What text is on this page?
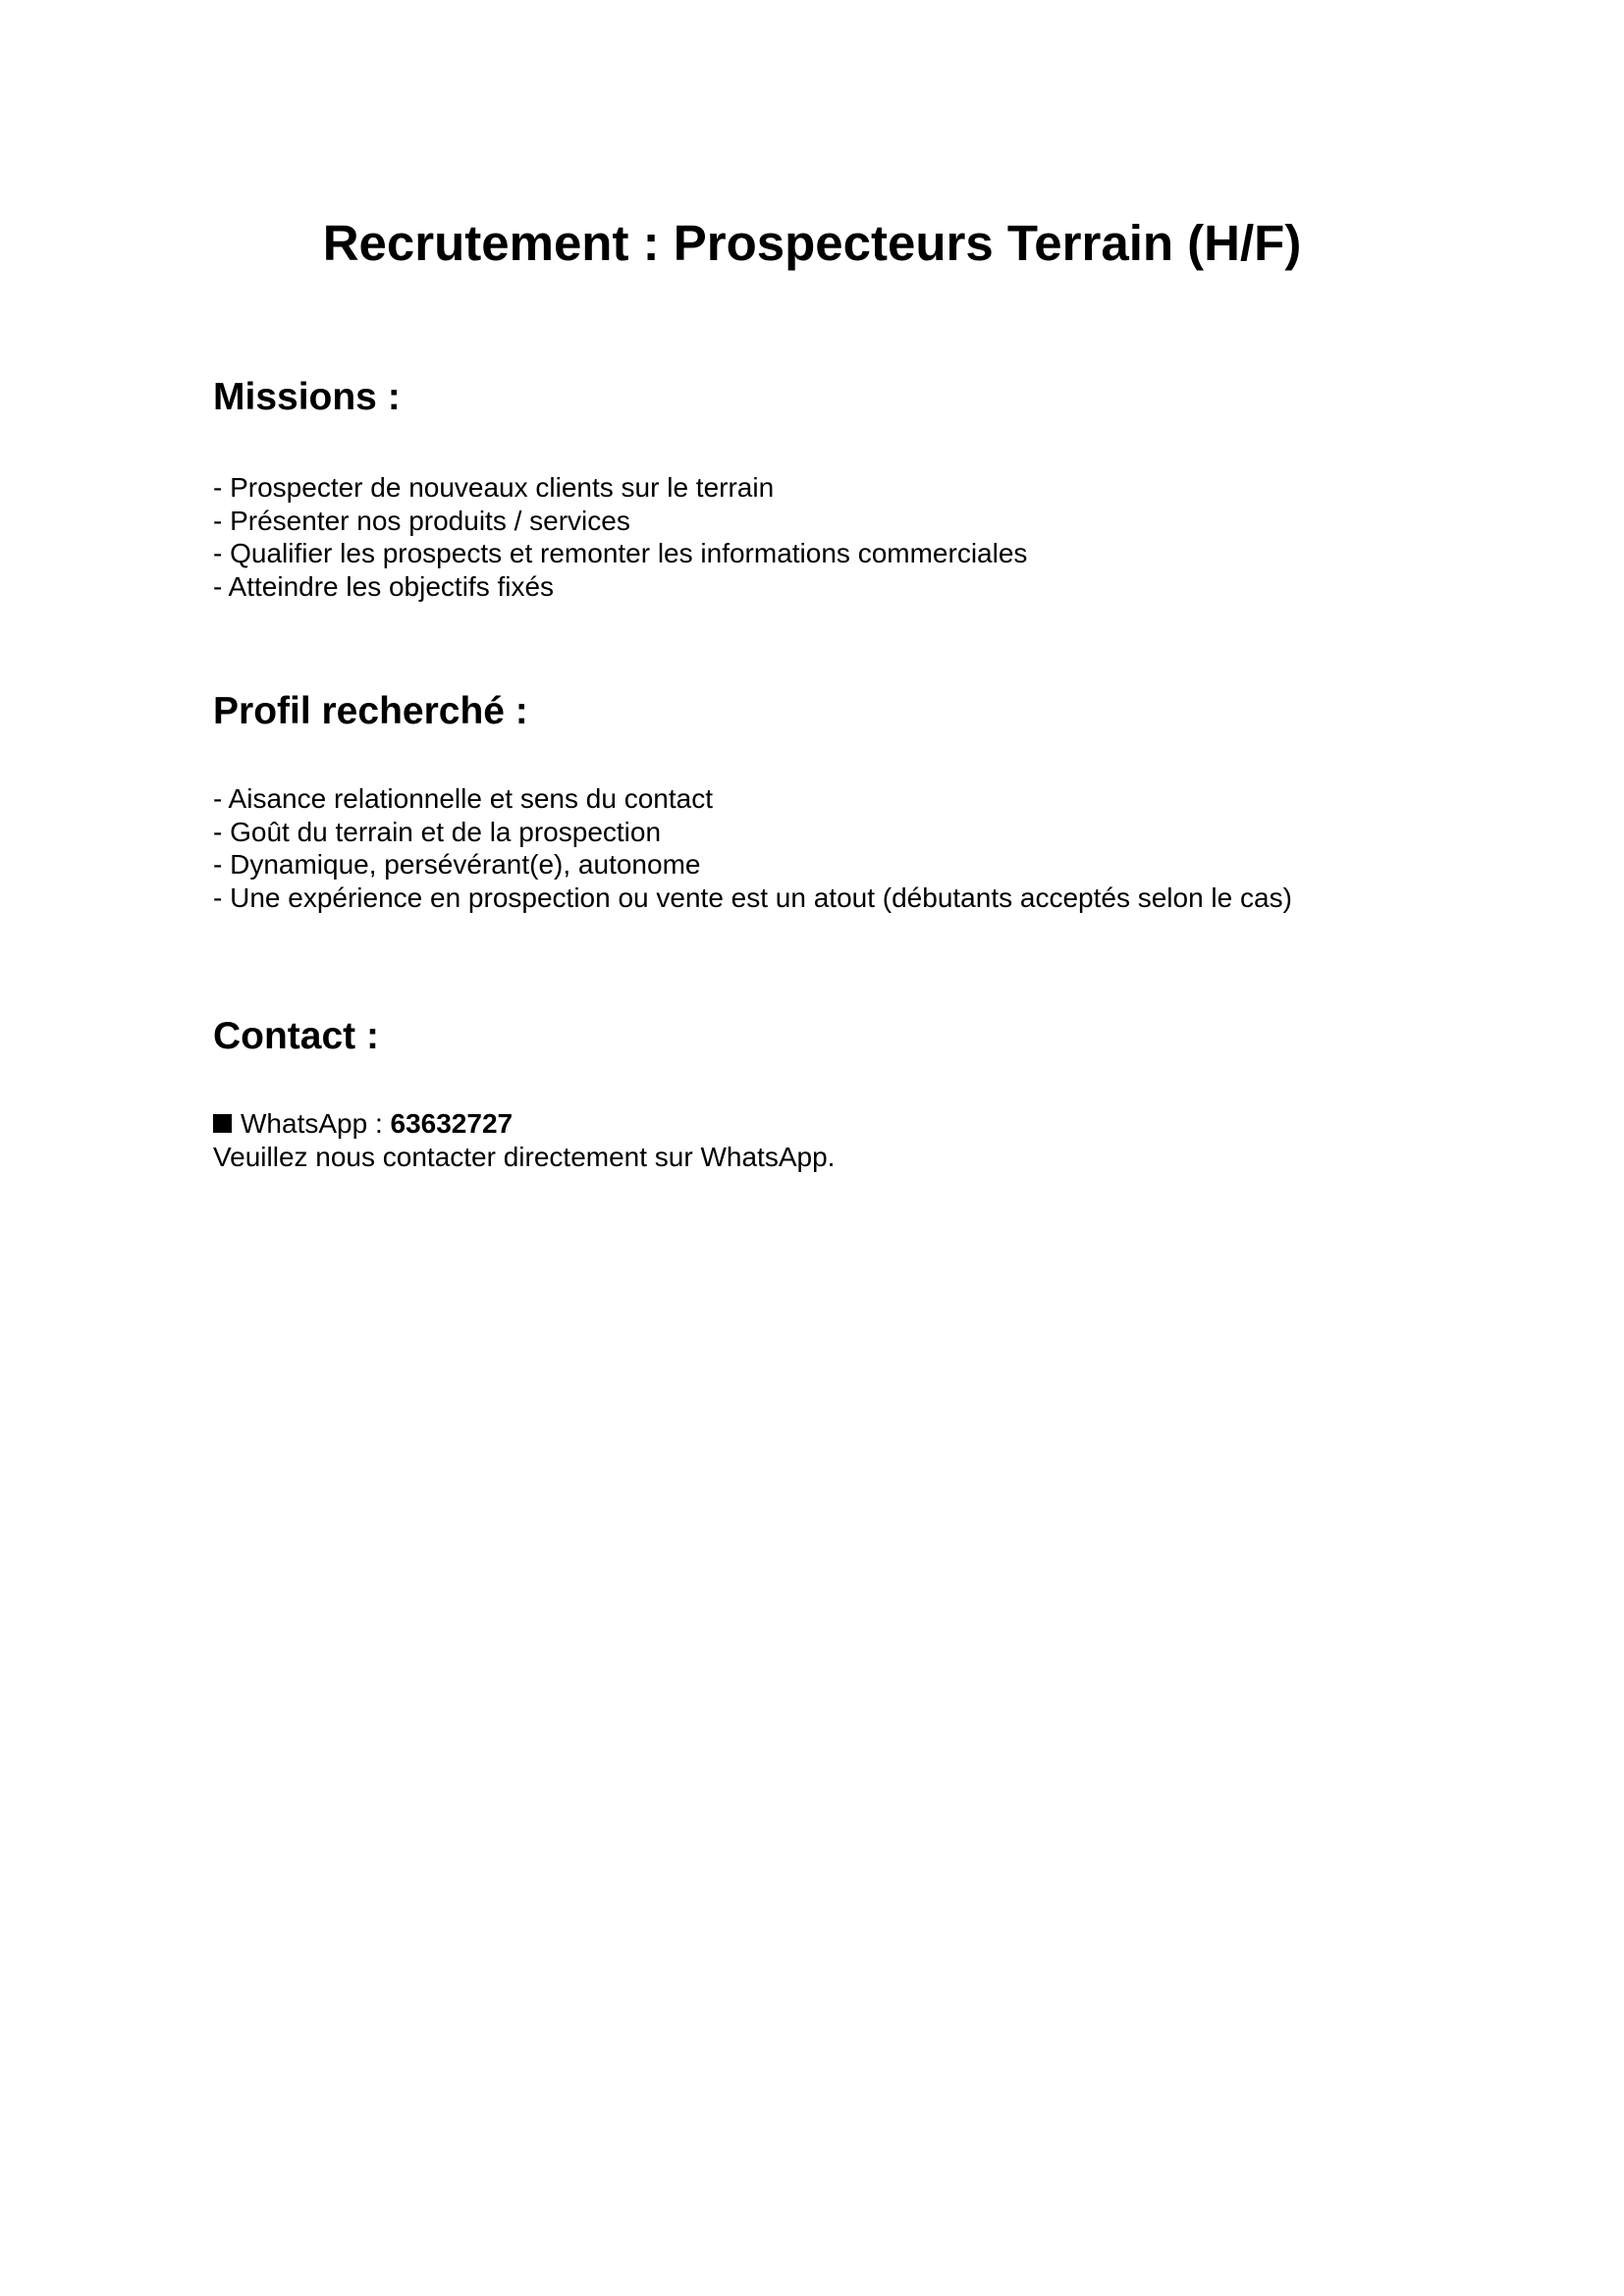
Recrutement : Prospecteurs Terrain (H/F)
Missions :
- Prospecter de nouveaux clients sur le terrain
- Présenter nos produits / services
- Qualifier les prospects et remonter les informations commerciales
- Atteindre les objectifs fixés
Profil recherché :
- Aisance relationnelle et sens du contact
- Goût du terrain et de la prospection
- Dynamique, persévérant(e), autonome
- Une expérience en prospection ou vente est un atout (débutants acceptés selon le cas)
Contact :
WhatsApp : 63632727
Veuillez nous contacter directement sur WhatsApp.
